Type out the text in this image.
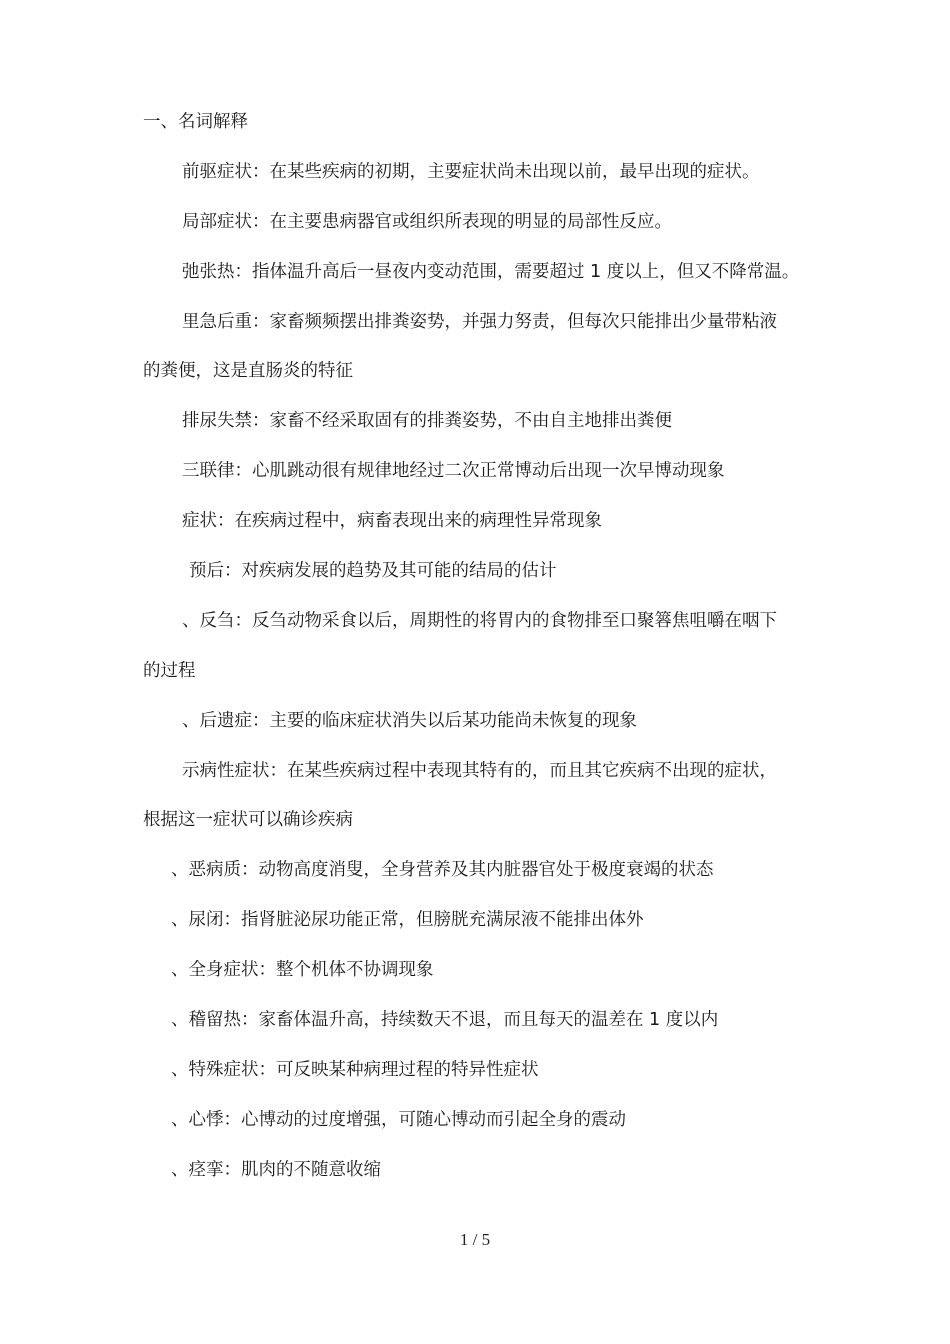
一、名词解释
前驱症状：在某些疾病的初期，主要症状尚未出现以前，最早出现的症状。
局部症状：在主要患病器官或组织所表现的明显的局部性反应。
弛张热：指体温升高后一昼夜内变动范围，需要超过 1 度以上，但又不降常温。
里急后重：家畜频频摆出排粪姿势，并强力努责，但每次只能排出少量带粘液
的粪便，这是直肠炎的特征
排尿失禁：家畜不经采取固有的排粪姿势，不由自主地排出粪便
三联律：心肌跳动很有规律地经过二次正常博动后出现一次早博动现象
症状：在疾病过程中，病畜表现出来的病理性异常现象
预后：对疾病发展的趋势及其可能的结局的估计
、反刍：反刍动物采食以后，周期性的将胃内的食物排至口聚簭焦咀嚼在咽下
的过程
、后遗症：主要的临床症状消失以后某功能尚未恢复的现象
示病性症状：在某些疾病过程中表现其特有的，而且其它疾病不出现的症状，
根据这一症状可以确诊疾病
、恶病质：动物高度消叟，全身营养及其内脏器官处于极度衰竭的状态
、尿闭：指肾脏泌尿功能正常，但膀胱充满尿液不能排出体外
、全身症状：整个机体不协调现象
、稽留热：家畜体温升高，持续数天不退，而且每天的温差在 1 度以内
、特殊症状：可反映某种病理过程的特异性症状
、心悸：心博动的过度增强，可随心博动而引起全身的震动
、痉挛：肌肉的不随意收缩
1 / 5
